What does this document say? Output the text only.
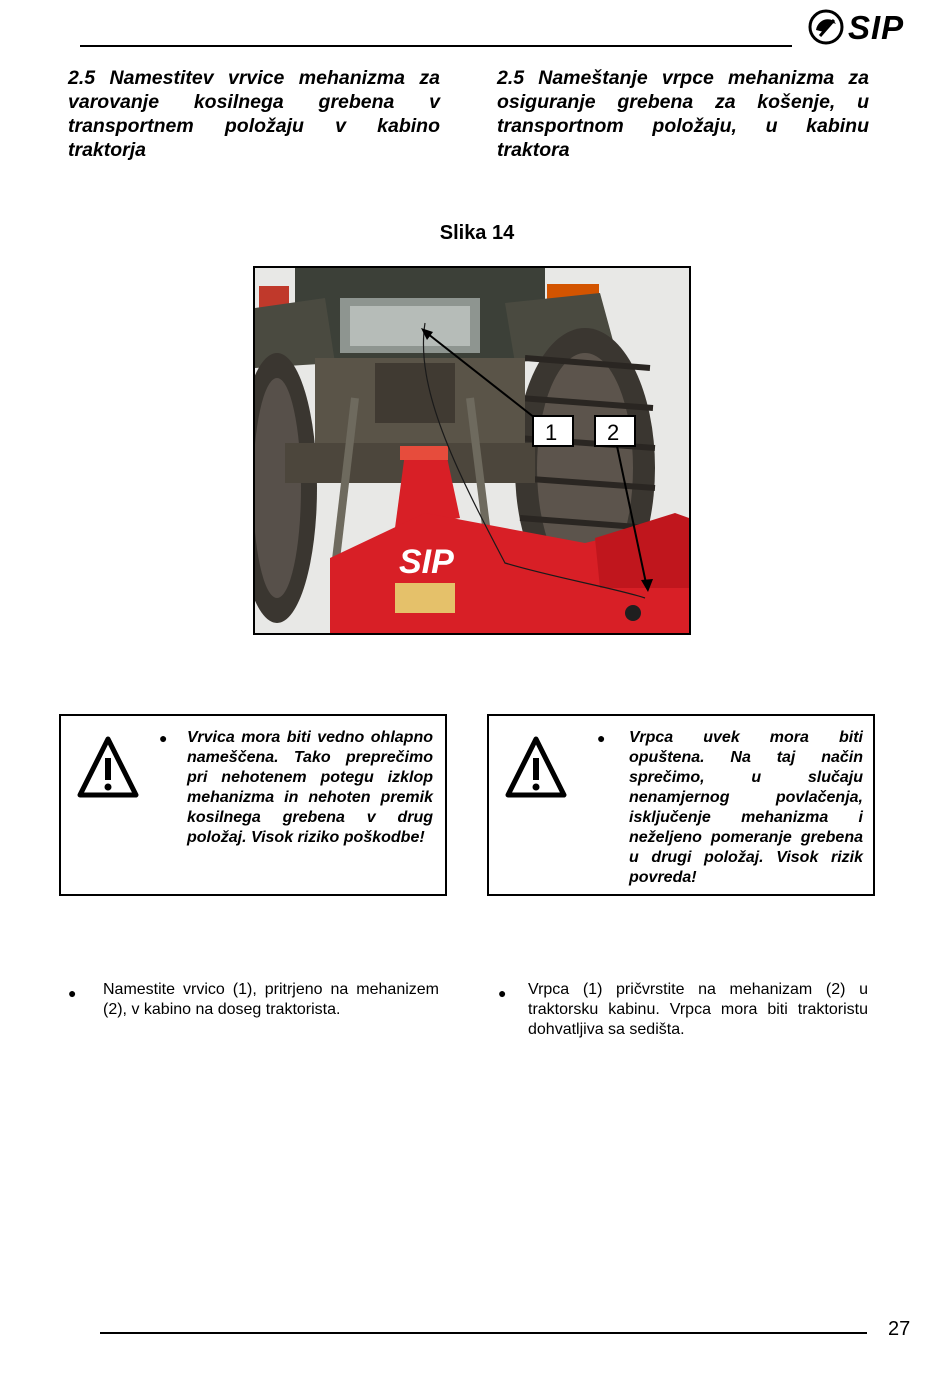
SIP
2.5 Namestitev vrvice mehanizma za varovanje kosilnega grebena v transportnem položaju v kabino traktorja
2.5 Nameštanje vrpce mehanizma za osiguranje grebena za košenje, u transportnom položaju, u kabinu traktora
Slika 14
SIP
1 2
● Vrvica mora biti vedno ohlapno nameščena. Tako preprečimo pri nehotenem potegu izklop mehanizma in nehoten premik kosilnega grebena v drug položaj. Visok riziko poškodbe!
● Vrpca uvek mora biti opuštena. Na taj način sprečimo, u slučaju nenamjernog povlačenja, isključenje mehanizma i neželjeno pomeranje grebena u drugi položaj. Visok rizik povreda!
● Namestite vrvico (1), pritrjeno na mehanizem (2), v kabino na doseg traktorista.
● Vrpca (1) pričvrstite na mehanizam (2) u traktorsku kabinu. Vrpca mora biti traktoristu dohvatljiva sa sedišta.
27
